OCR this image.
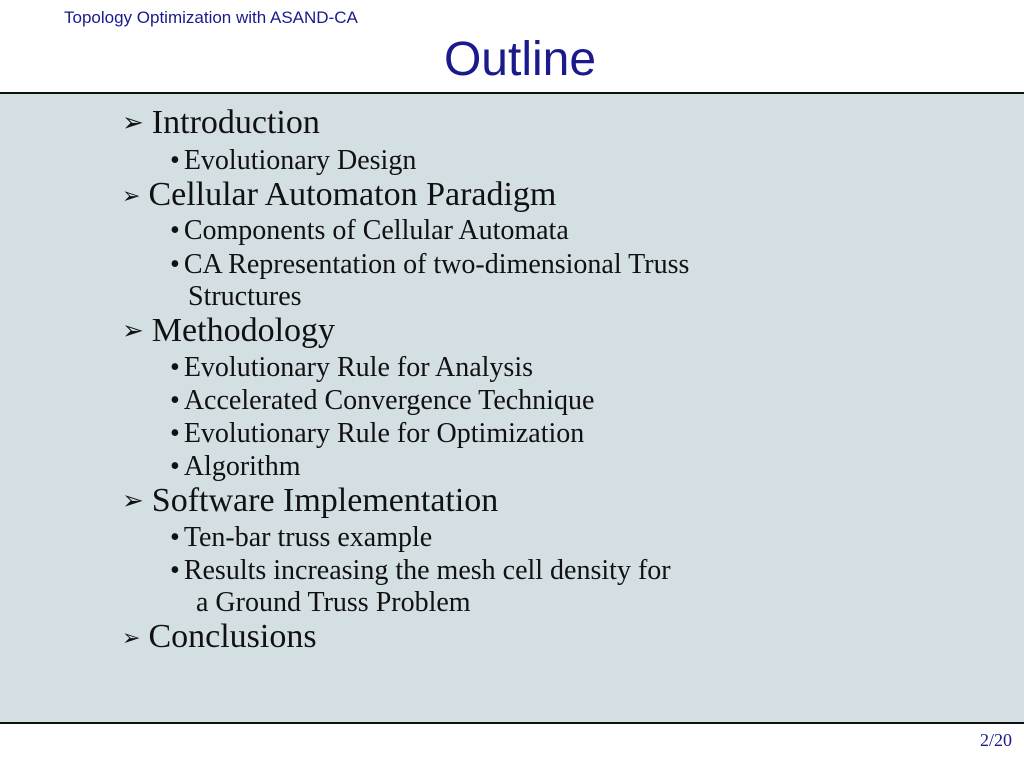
Topology Optimization with ASAND-CA
Outline
➢ Introduction
• Evolutionary Design
➢ Cellular Automaton Paradigm
• Components of Cellular Automata
• CA Representation of two-dimensional Truss
Structures
➢ Methodology
• Evolutionary Rule for Analysis
• Accelerated Convergence Technique
• Evolutionary Rule for Optimization
• Algorithm
➢ Software Implementation
• Ten-bar truss example
• Results increasing the mesh cell density for
a Ground Truss Problem
➢ Conclusions
2/20
